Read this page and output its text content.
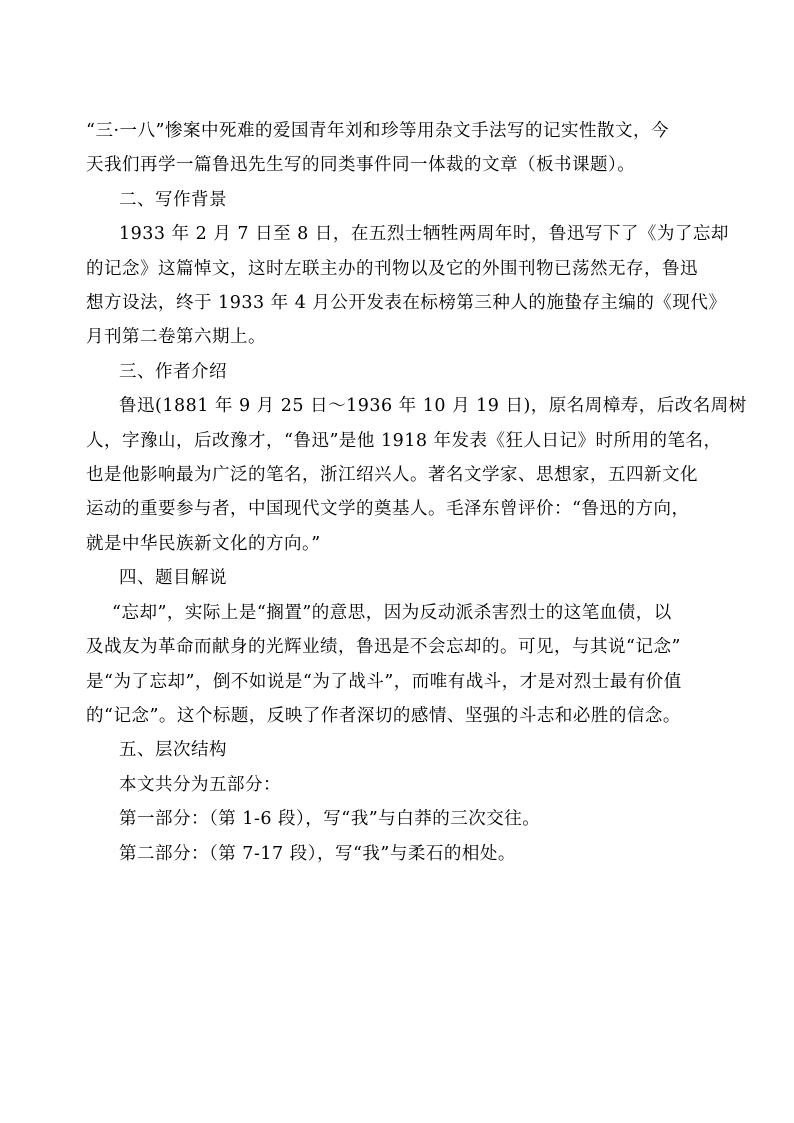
“三·一八”惨案中死难的爱国青年刘和珍等用杂文手法写的记实性散文，今
天我们再学一篇鲁迅先生写的同类事件同一体裁的文章（板书课题）。

二、写作背景

1933 年 2 月 7 日至 8 日，在五烈士牺牲两周年时，鲁迅写下了《为了忘却

的记念》这篇悼文，这时左联主办的刊物以及它的外围刊物已荡然无存，鲁迅
想方设法，终于 1933 年 4 月公开发表在标榜第三种人的施蛰存主编的《现代》
月刊第二卷第六期上。

三、作者介绍

鲁迅(1881 年 9 月 25 日～1936 年 10 月 19 日)，原名周樟寿，后改名周树

人，字豫山，后改豫才，“鲁迅”是他 1918 年发表《狂人日记》时所用的笔名，
也是他影响最为广泛的笔名，浙江绍兴人。著名文学家、思想家，五四新文化
运动的重要参与者，中国现代文学的奠基人。毛泽东曾评价：“鲁迅的方向，
就是中华民族新文化的方向。”

四、题目解说

“忘却”，实际上是“搁置”的意思，因为反动派杀害烈士的这笔血债，以

及战友为革命而献身的光辉业绩，鲁迅是不会忘却的。可见，与其说“记念”
是“为了忘却”，倒不如说是“为了战斗”，而唯有战斗，才是对烈士最有价值
的“记念”。这个标题，反映了作者深切的感情、坚强的斗志和必胜的信念。

五、层次结构

本文共分为五部分：

第一部分：（第 1-6 段），写“我”与白莽的三次交往。

第二部分：（第 7-17 段），写“我”与柔石的相处。
